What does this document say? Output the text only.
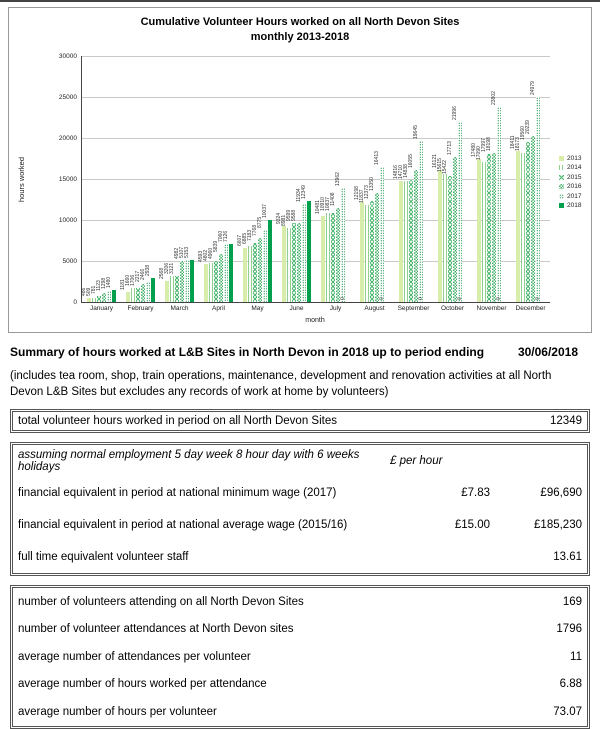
Cumulative Volunteer Hours worked on all North Devon Sites
monthly 2013-2018
hours worked
January
486 509 781 1123 1298 1480
February
1181 1660 1706 2217 2466 2938
March
2568 3206 3121
4982 5107 5153
April
4593 4802 4960
5839
7060 7126
May
6607 6885 7183 7768
8775
10037
June
9324 8981 9599 9588
11934 12349
July
10481 10910 10837 11408
13962
0
August
12198 11837 12373
13350
16413
0
September
14816 14710 14838
16055
19645
0
October
16121 15615 15422
17713
21996
0
November
17480 17090
17997 18198
23802
0
December
18411 18173
19560 20239
24979
0
month
2013
2014
2015
2016
2017
2018
0
5000
10000
15000
20000
25000
30000
Summary of hours worked at L&B Sites in North Devon in 2018 up to period ending	30/06/2018
(includes tea room, shop, train operations, maintenance, development and renovation activities at all North Devon L&B Sites but excludes any records of work at home by volunteers)
total volunteer hours worked in period on all North Devon Sites	12349
assuming normal employment 5 day week 8 hour day with 6 weeks holidays	£ per hour
financial equivalent in period at national minimum wage (2017)	£7.83	£96,690
financial equivalent in period at national average wage (2015/16)	£15.00	£185,230
full time equivalent volunteer staff	13.61
number of volunteers attending on all North Devon Sites	169
number of volunteer attendances at North Devon sites	1796
average number of attendances per volunteer	11
average number of hours worked per attendance	6.88
average number of hours per volunteer	73.07
